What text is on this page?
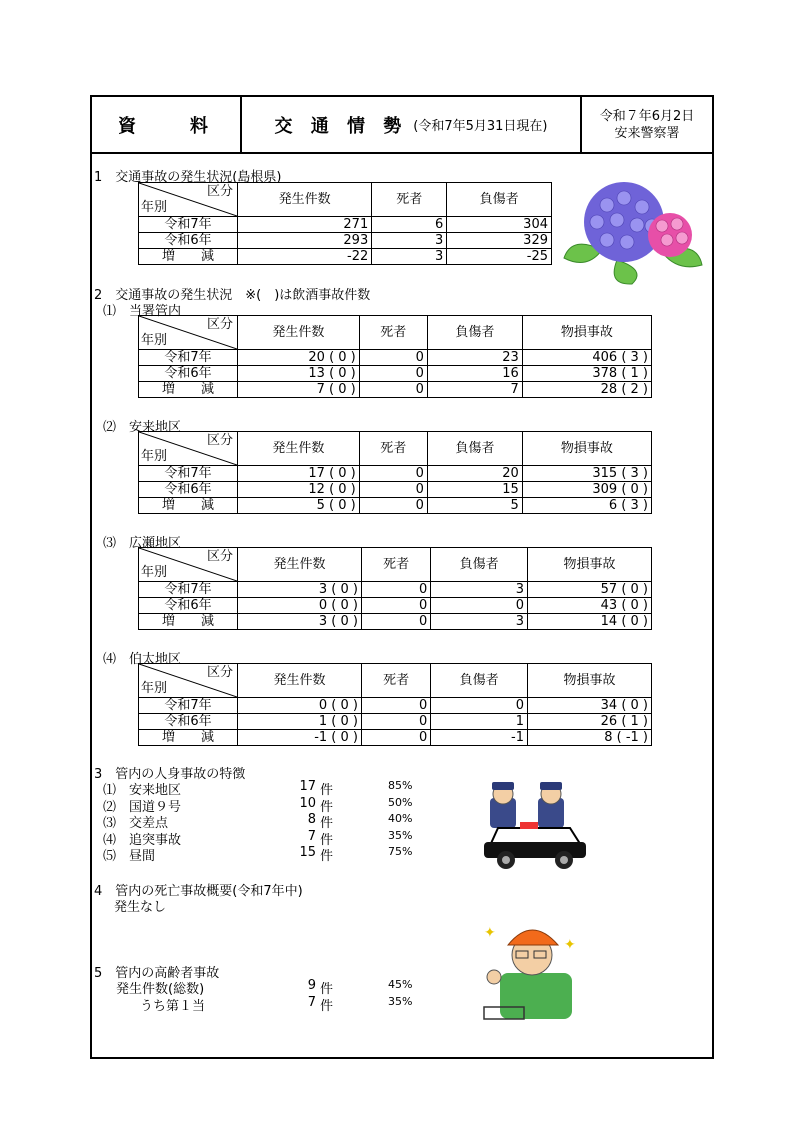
資　料	交 通 情 勢 (令和7年5月31日現在)
令和７年6月2日
安来警察署
1　交通事故の発生状況(島根県)
区分
年別	発生件数	死者	負傷者
令和7年	271	6	304
令和6年	293	3	329
増　　減	-22	3	-25
2　交通事故の発生状況　※(　)は飲酒事故件数
⑴　当署管内
区分
年別	発生件数	死者	負傷者	物損事故
令和7年	20 ( 0 )	0	23	406 ( 3 )
令和6年	13 ( 0 )	0	16	378 ( 1 )
増　　減	7 ( 0 )	0	7	28 ( 2 )
⑵　安来地区
区分
年別	発生件数	死者	負傷者	物損事故
令和7年	17 ( 0 )	0	20	315 ( 3 )
令和6年	12 ( 0 )	0	15	309 ( 0 )
増　　減	5 ( 0 )	0	5	6 ( 3 )
⑶　広瀬地区
区分
年別	発生件数	死者	負傷者	物損事故
令和7年	3 ( 0 )	0	3	57 ( 0 )
令和6年	0 ( 0 )	0	0	43 ( 0 )
増　　減	3 ( 0 )	0	3	14 ( 0 )
⑷　伯太地区
区分
年別	発生件数	死者	負傷者	物損事故
令和7年	0 ( 0 )	0	0	34 ( 0 )
令和6年	1 ( 0 )	0	1	26 ( 1 )
増　　減	-1 ( 0 )	0	-1	8 ( -1 )
3　管内の人身事故の特徴
⑴　安来地区	17 件	85%
⑵　国道９号	10 件	50%
⑶　交差点	8 件	40%
⑷　追突事故	7 件	35%
⑸　昼間	15 件	75%
4　管内の死亡事故概要(令和7年中)
発生なし
5　管内の高齢者事故
発生件数(総数)	9 件	45%
うち第１当	7 件	35%
✦
✦
